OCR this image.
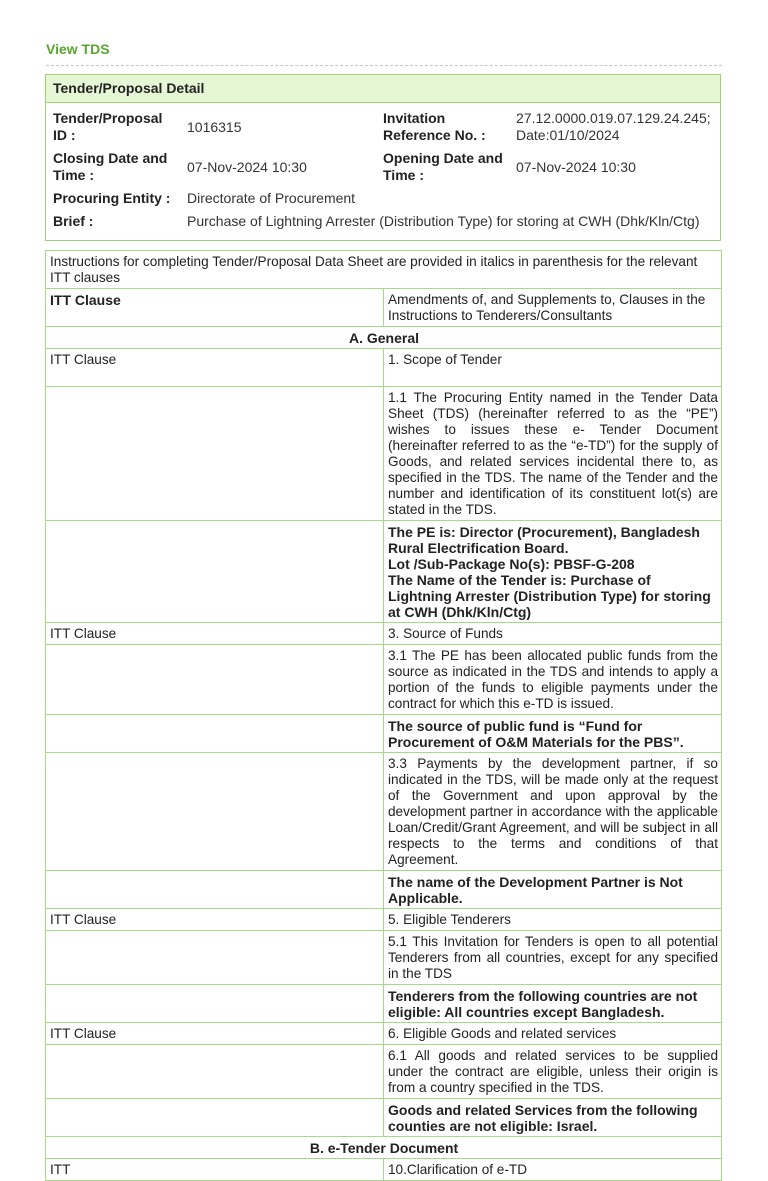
View TDS
Tender/Proposal Detail
Tender/Proposal ID :	1016315
Invitation Reference No. :
27.12.0000.019.07.129.24.245;
Date:01/10/2024
Closing Date and Time :	07-Nov-2024 10:30
Opening Date and Time :	07-Nov-2024 10:30
Procuring Entity : Directorate of Procurement
Brief :	Purchase of Lightning Arrester (Distribution Type) for storing at CWH (Dhk/Kln/Ctg)
Instructions for completing Tender/Proposal Data Sheet are provided in italics in parenthesis for the relevant ITT clauses	
ITT Clause	Amendments of, and Supplements to, Clauses in the Instructions to Tenderers/Consultants
A. General	
ITT Clause	1. Scope of Tender
	1.1 The Procuring Entity named in the Tender Data Sheet (TDS) (hereinafter referred to as the “PE”) wishes to issues these e- Tender Document (hereinafter referred to as the “e-TD”) for the supply of Goods, and related services incidental there to, as specified in the TDS. The name of the Tender and the number and identification of its constituent lot(s) are stated in the TDS.

	The PE is: Director (Procurement), Bangladesh Rural Electrification Board.
Lot /Sub-Package No(s): PBSF-G-208
The Name of the Tender is: Purchase of Lightning Arrester (Distribution Type) for storing at CWH (Dhk/Kln/Ctg)

ITT Clause	3. Source of Funds
	3.1 The PE has been allocated public funds from the source as indicated in the TDS and intends to apply a portion of the funds to eligible payments under the contract for which this e-TD is issued.
	The source of public fund is “Fund for Procurement of O&M Materials for the PBS”.
	3.3 Payments by the development partner, if so indicated in the TDS, will be made only at the request of the Government and upon approval by the development partner in accordance with the applicable Loan/Credit/Grant Agreement, and will be subject in all respects to the terms and conditions of that Agreement.
	The name of the Development Partner is Not Applicable.
ITT Clause	5. Eligible Tenderers
	5.1 This Invitation for Tenders is open to all potential Tenderers from all countries, except for any specified in the TDS
	Tenderers from the following countries are not eligible: All countries except Bangladesh.
ITT Clause	6. Eligible Goods and related services
	6.1 All goods and related services to be supplied under the contract are eligible, unless their origin is from a country specified in the TDS.
	Goods and related Services from the following counties are not eligible: Israel.
B. e-Tender Document	
ITT	10.Clarification of e-TD
